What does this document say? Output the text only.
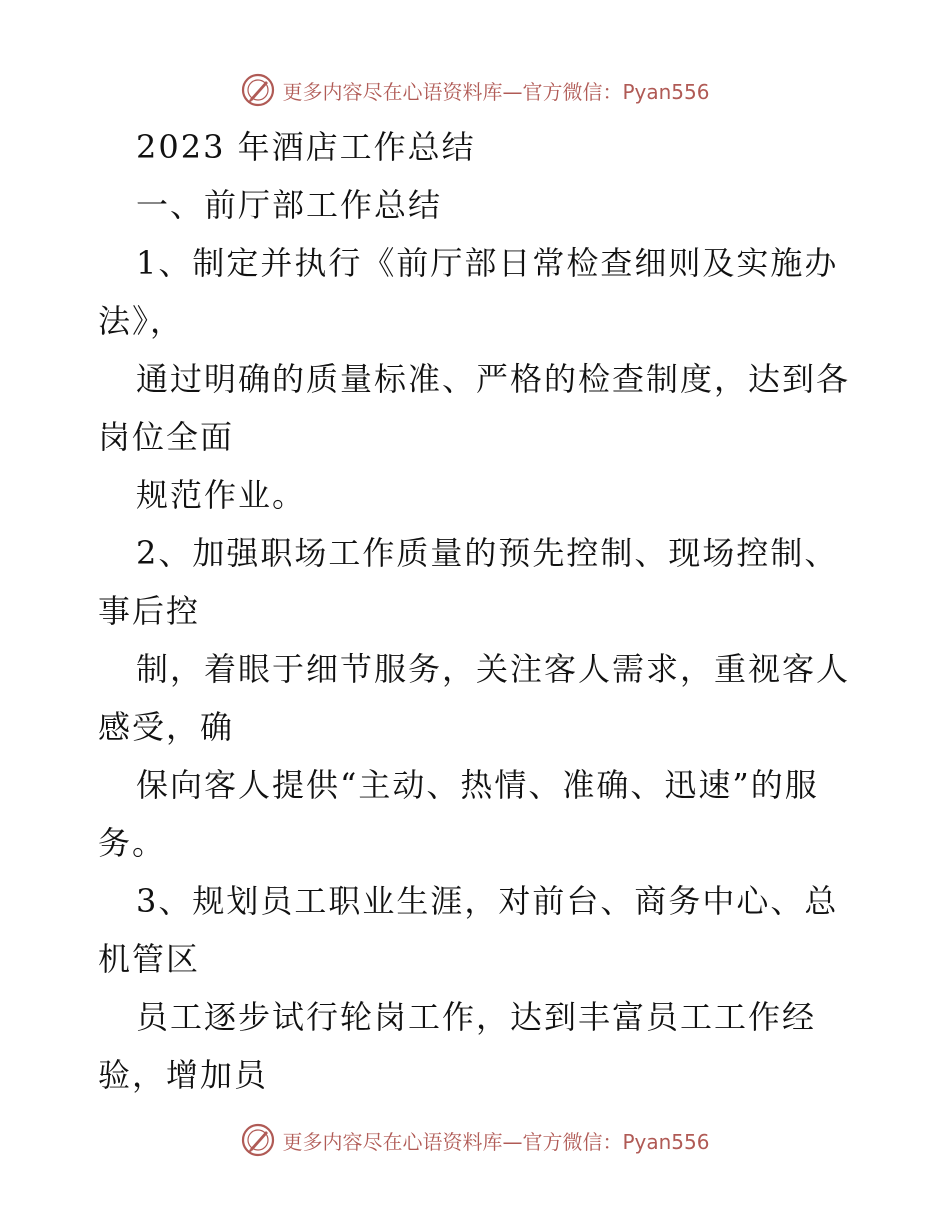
更多内容尽在心语资料库—官方微信：Pyan556
2023 年酒店工作总结
一、前厅部工作总结
1、制定并执行《前厅部日常检查细则及实施办
法》，
通过明确的质量标准、严格的检查制度，达到各
岗位全面
规范作业。
2、加强职场工作质量的预先控制、现场控制、
事后控
制，着眼于细节服务，关注客人需求，重视客人
感受，确
保向客人提供“主动、热情、准确、迅速”的服
务。
3、规划员工职业生涯，对前台、商务中心、总
机管区
员工逐步试行轮岗工作，达到丰富员工工作经
验，增加员
更多内容尽在心语资料库—官方微信：Pyan556
